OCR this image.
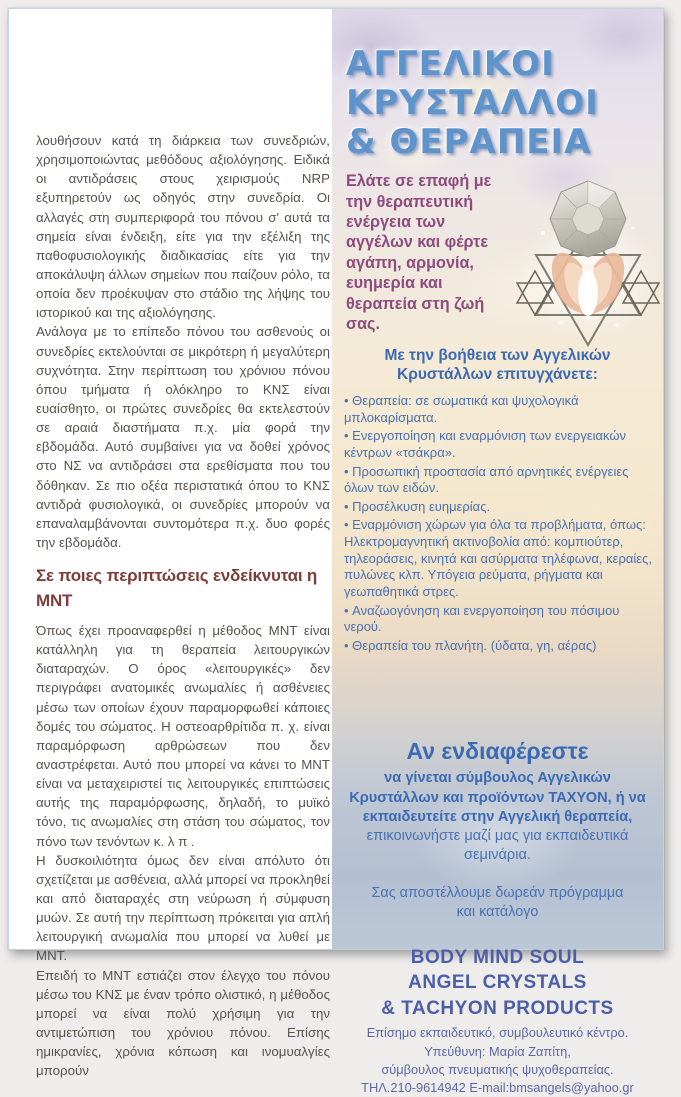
λουθήσουν κατά τη διάρκεια των συνεδριών, χρησιμοποιώντας μεθόδους αξιολόγησης. Ειδικά οι αντιδράσεις στους χειρισμούς NRP εξυπηρετούν ως οδηγός στην συνεδρία. Οι αλλαγές στη συμπεριφορά του πόνου σ' αυτά τα σημεία είναι ένδειξη, είτε για την εξέλιξη της παθοφυσιολογικής διαδικασίας είτε για την αποκάλυψη άλλων σημείων που παίζουν ρόλο, τα οποία δεν προέκυψαν στο στάδιο της λήψης του ιστορικού και της αξιολόγησης.

Ανάλογα με το επίπεδο πόνου του ασθενούς οι συνεδρίες εκτελούνται σε μικρότερη ή μεγαλύτερη συχνότητα. Στην περίπτωση του χρόνιου πόνου όπου τμήματα ή ολόκληρο το ΚΝΣ είναι ευαίσθητο, οι πρώτες συνεδρίες θα εκτελεστούν σε αραιά διαστήματα π.χ. μία φορά την εβδομάδα. Αυτό συμβαίνει για να δοθεί χρόνος στο ΝΣ να αντιδράσει στα ερεθίσματα που του δόθηκαν. Σε πιο οξέα περιστατικά όπου το ΚΝΣ αντιδρά φυσιολογικά, οι συνεδρίες μπορούν να επαναλαμβάνονται συντομότερα π.χ. δυο φορές την εβδομάδα.

Σε ποιες περιπτώσεις ενδείκνυται η ΜΝΤ

Όπως έχει προαναφερθεί η μέθοδος ΜΝΤ είναι κατάλληλη για τη θεραπεία λειτουργικών διαταραχών. Ο όρος «λειτουργικές» δεν περιγράφει ανατομικές ανωμαλίες ή ασθένειες μέσω των οποίων έχουν παραμορφωθεί κάποιες δομές του σώματος. Η οστεοαρθρίτιδα π. χ. είναι παραμόρφωση αρθρώσεων που δεν αναστρέφεται. Αυτό που μπορεί να κάνει το ΜΝΤ είναι να μεταχειριστεί τις λειτουργικές επιπτώσεις αυτής της παραμόρφωσης, δηλαδή, το μυϊκό τόνο, τις ανωμαλίες στη στάση του σώματος, τον πόνο των τενόντων κ. λ π .

Η δυσκοιλιότητα όμως δεν είναι απόλυτο ότι σχετίζεται με ασθένεια, αλλά μπορεί να προκληθεί και από διαταραχές στη νεύρωση ή σύμφυση μυών. Σε αυτή την περίπτωση πρόκειται για απλή λειτουργική ανωμαλία που μπορεί να λυθεί με ΜΝΤ.

Επειδή το ΜΝΤ εστιάζει στον έλεγχο του πόνου μέσω του ΚΝΣ με έναν τρόπο ολιστικό, η μέθοδος μπορεί να είναι πολύ χρήσιμη για την αντιμετώπιση του χρόνιου πόνου. Επίσης ημικρανίες, χρόνια κόπωση και ινομυαλγίες μπορούν

ΑΓΓΕΛΙΚΟΙ
ΚΡΥΣΤΑΛΛΟΙ
& ΘΕΡΑΠΕΙΑ
Ελάτε σε επαφή με την θεραπευτική ενέργεια των αγγέλων και φέρτε αγάπη, αρμονία, ευημερία και θεραπεία στη ζωή σας.
Με την βοήθεια των Αγγελικών Κρυστάλλων επιτυγχάνετε:
• Θεραπεία: σε σωματικά και ψυχολογικά μπλοκαρίσματα.
• Ενεργοποίηση και εναρμόνιση των ενεργειακών κέντρων «τσάκρα».
• Προσωπική προστασία από αρνητικές ενέργειες όλων των ειδών.
• Προσέλκυση ευημερίας.
• Εναρμόνιση χώρων για όλα τα προβλήματα, όπως: Ηλεκτρομαγνητική ακτινοβολία από: κομπιούτερ, τηλεοράσεις, κινητά και ασύρματα τηλέφωνα, κεραίες, πυλώνες κλπ. Υπόγεια ρεύματα, ρήγματα και γεωπαθητικά στρες.
• Αναζωογόνηση και ενεργοποίηση του πόσιμου νερού.
• Θεραπεία του πλανήτη. (ύδατα, γη, αέρας)
Αν ενδιαφέρεστε
να γίνεται σύμβουλος Αγγελικών Κρυστάλλων και προϊόντων ΤΑΧΥΟΝ, ή να εκπαιδευτείτε στην Αγγελική θεραπεία, επικοινωνήστε μαζί μας για εκπαιδευτικά σεμινάρια.
Σας αποστέλλουμε δωρεάν πρόγραμμα και κατάλογο
BODY MIND SOUL
ANGEL CRYSTALS
& TACHYON PRODUCTS
Επίσημο εκπαιδευτικό, συμβουλευτικό κέντρο.
Υπεύθυνη: Μαρία Ζαπίτη,
σύμβουλος πνευματικής ψυχοθεραπείας.
ΤΗΛ.210-9614942 E-mail:bmsangels@yahoo.gr
